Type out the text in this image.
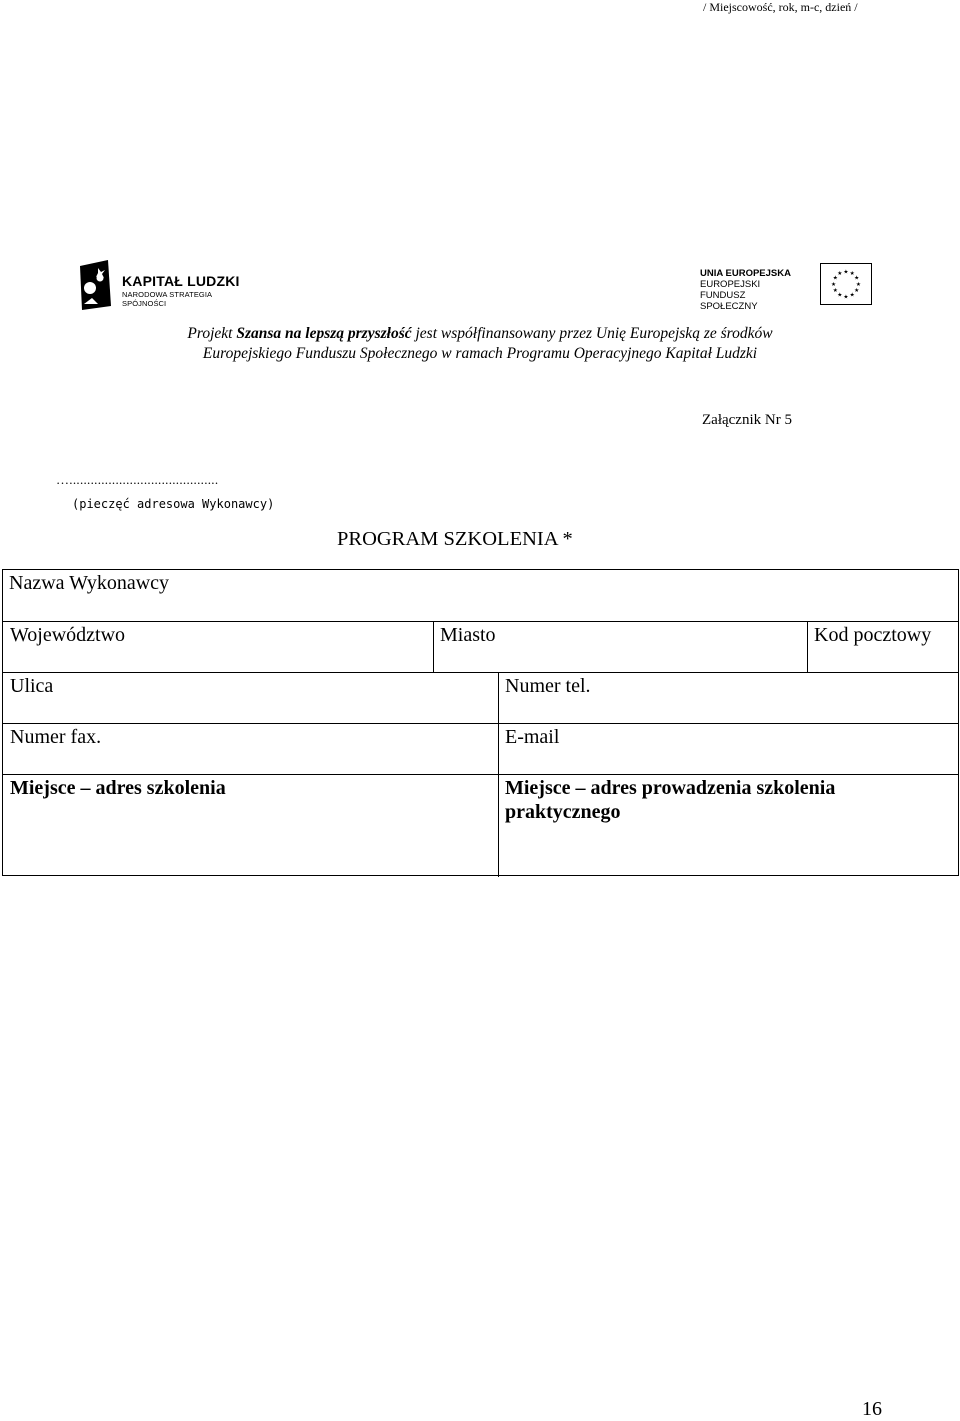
/ Miejscowość, rok, m-c, dzień /
KAPITAŁ LUDZKI
NARODOWA STRATEGIA SPÓJNOŚCI
UNIA EUROPEJSKA
EUROPEJSKI
FUNDUSZ SPOŁECZNY
★ ★
★
★
★
★
★
★
★
★
★
★
Projekt Szansa na lepszą przyszłość jest współfinansowany przez Unię Europejską ze środków
Europejskiego Funduszu Społecznego w ramach Programu Operacyjnego Kapitał Ludzki
Załącznik Nr 5
…..........................................
(pieczęć adresowa Wykonawcy)
PROGRAM SZKOLENIA *
Nazwa Wykonawcy
Województwo	Miasto	Kod pocztowy
Ulica	Numer tel.
Numer fax.	E-mail
Miejsce – adres szkolenia	Miejsce – adres prowadzenia szkolenia praktycznego
16
